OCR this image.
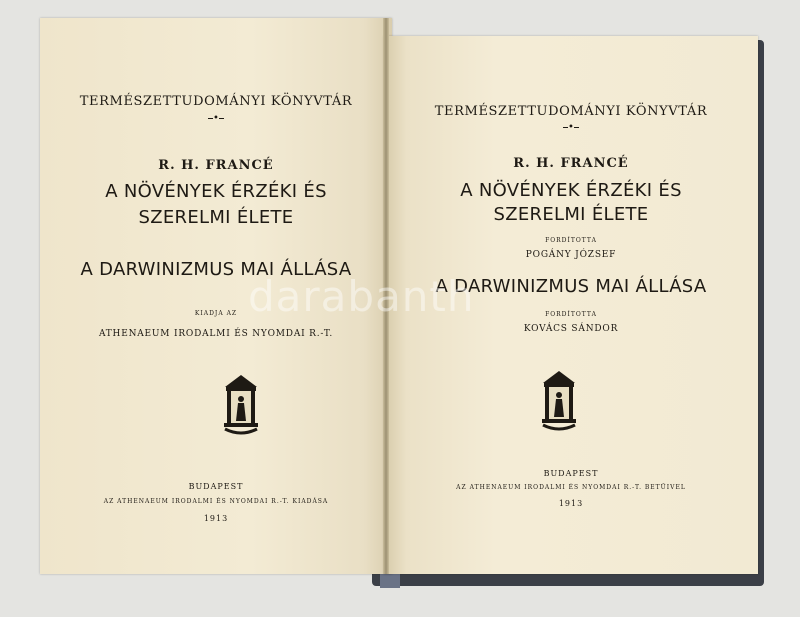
TERMÉSZETTUDOMÁNYI KÖNYVTÁR
⎯•⎯
R. H. FRANCÉ
A NÖVÉNYEK ÉRZÉKI ÉS
SZERELMI ÉLETE
A DARWINIZMUS MAI ÁLLÁSA
KIADJA AZ
ATHENAEUM IRODALMI ÉS NYOMDAI R.-T.
BUDAPEST
AZ ATHENAEUM IRODALMI ÉS NYOMDAI R.-T. KIADÁSA
1913
TERMÉSZETTUDOMÁNYI KÖNYVTÁR
⎯•⎯
R. H. FRANCÉ
A NÖVÉNYEK ÉRZÉKI ÉS
SZERELMI ÉLETE
FORDÍTOTTA
POGÁNY JÓZSEF
A DARWINIZMUS MAI ÁLLÁSA
FORDÍTOTTA
KOVÁCS SÁNDOR
BUDAPEST
AZ ATHENAEUM IRODALMI ÉS NYOMDAI R.-T. BETŰIVEL
1913
darabanth
